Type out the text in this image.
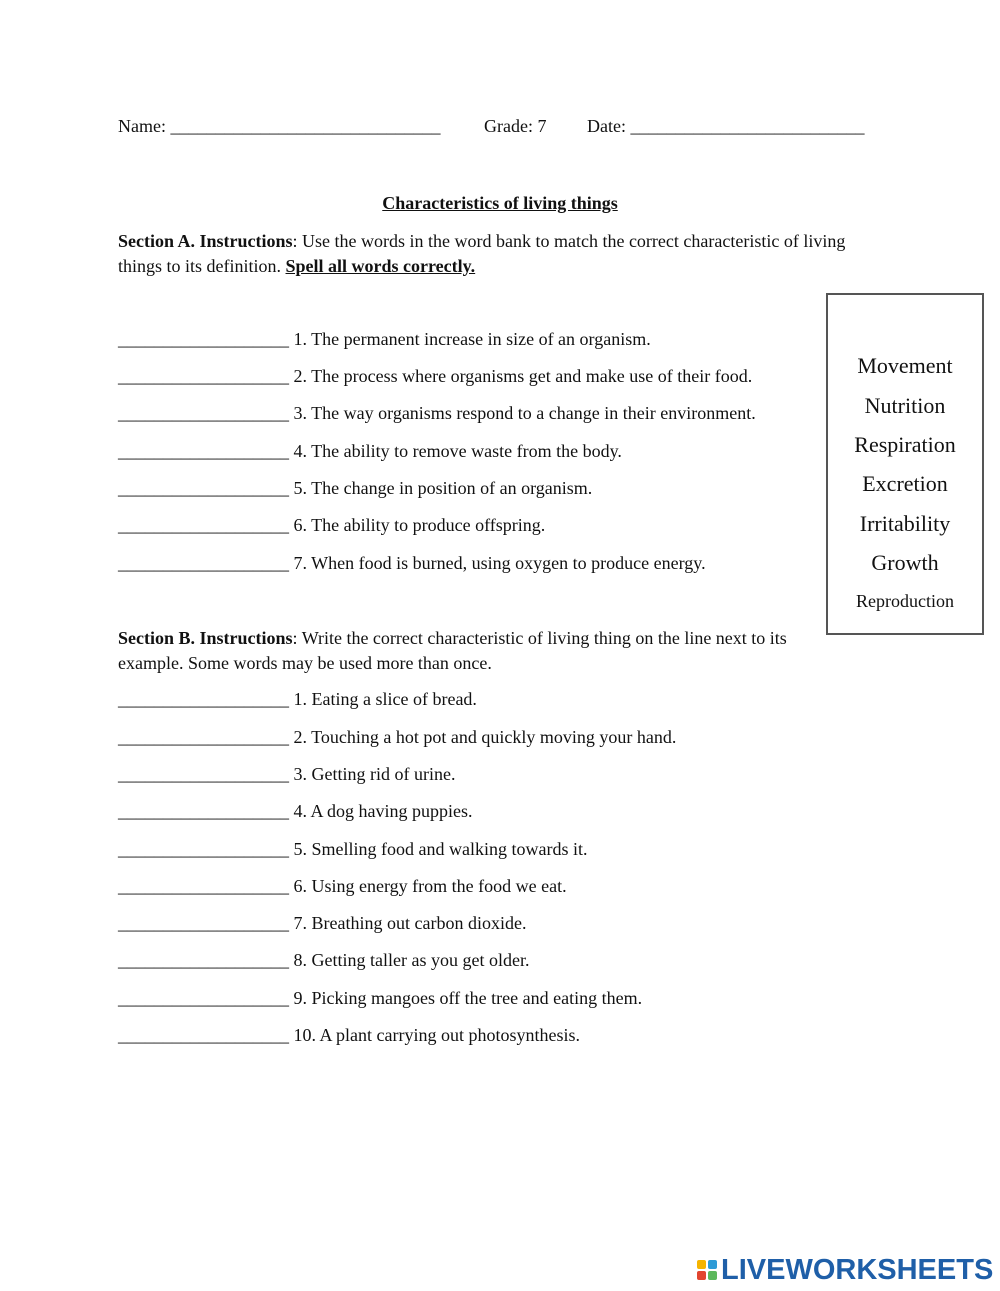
Name: ______________________________ Grade: 7 Date: __________________________
Characteristics of living things
Section A. Instructions: Use the words in the word bank to match the correct characteristic of living things to its definition. Spell all words correctly.
___________________ 1. The permanent increase in size of an organism.
___________________ 2. The process where organisms get and make use of their food.
___________________ 3. The way organisms respond to a change in their environment.
___________________ 4. The ability to remove waste from the body.
___________________ 5. The change in position of an organism.
___________________ 6. The ability to produce offspring.
___________________ 7. When food is burned, using oxygen to produce energy.
Movement
Nutrition
Respiration
Excretion
Irritability
Growth
Reproduction
Section B. Instructions: Write the correct characteristic of living thing on the line next to its example. Some words may be used more than once.
___________________ 1. Eating a slice of bread.
___________________ 2. Touching a hot pot and quickly moving your hand.
___________________ 3. Getting rid of urine.
___________________ 4. A dog having puppies.
___________________ 5. Smelling food and walking towards it.
___________________ 6. Using energy from the food we eat.
___________________ 7. Breathing out carbon dioxide.
___________________ 8. Getting taller as you get older.
___________________ 9. Picking mangoes off the tree and eating them.
___________________ 10. A plant carrying out photosynthesis.
LIVEWORKSHEETS
